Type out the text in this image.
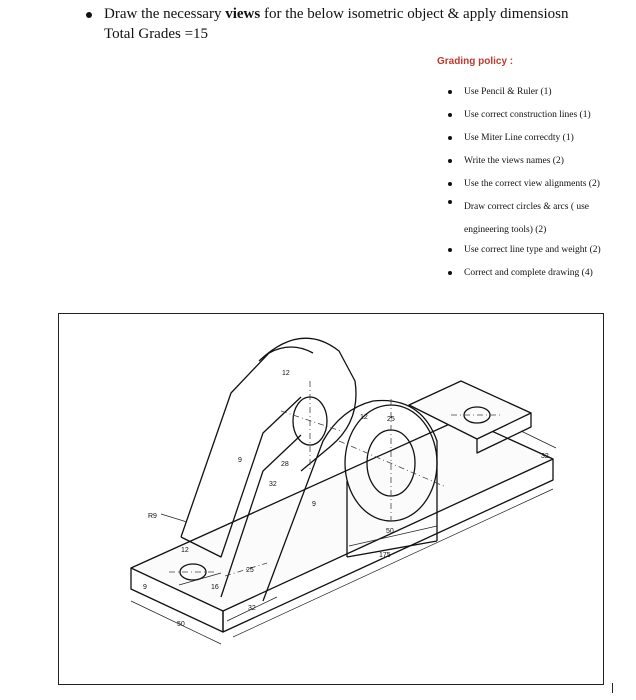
Draw the necessary views for the below isometric object & apply dimensiosn
Total Grades =15
Grading policy :
Use Pencil & Ruler (1)
Use correct construction lines (1)
Use Miter Line correcdty (1)
Write the views names (2)
Use the correct view alignments (2)
Draw correct circles & arcs ( use engineering tools) (2)
Use correct line type and weight (2)
Correct and complete drawing (4)
R9
12
9
28
32
9
12	25
50
175
32
12
16
25
9
32
50
